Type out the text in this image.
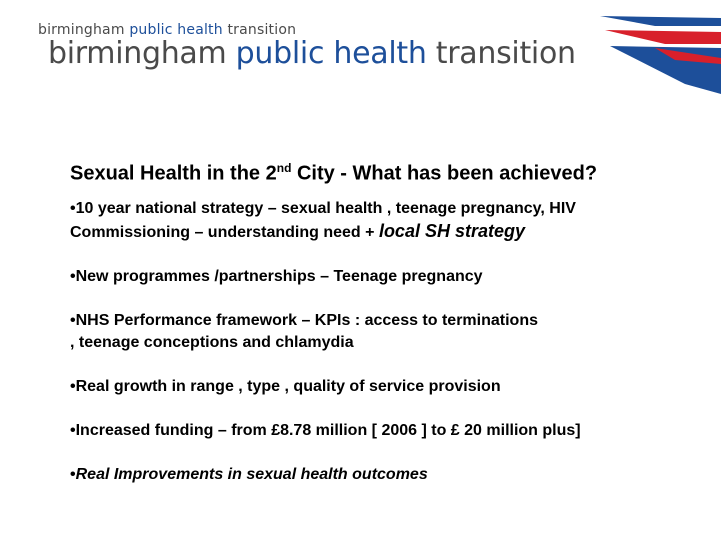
birmingham public health transition
birmingham public health transition

Sexual Health in the 2nd City - What has been achieved?

•10 year national strategy – sexual health , teenage pregnancy, HIV

Commissioning – understanding need + local SH strategy

•New programmes /partnerships – Teenage pregnancy

•NHS Performance framework – KPIs : access to terminations

, teenage conceptions and chlamydia

•Real growth in range , type , quality of service provision

•Increased funding – from £8.78 million [ 2006 ] to £ 20 million plus]

•Real Improvements in sexual health outcomes
